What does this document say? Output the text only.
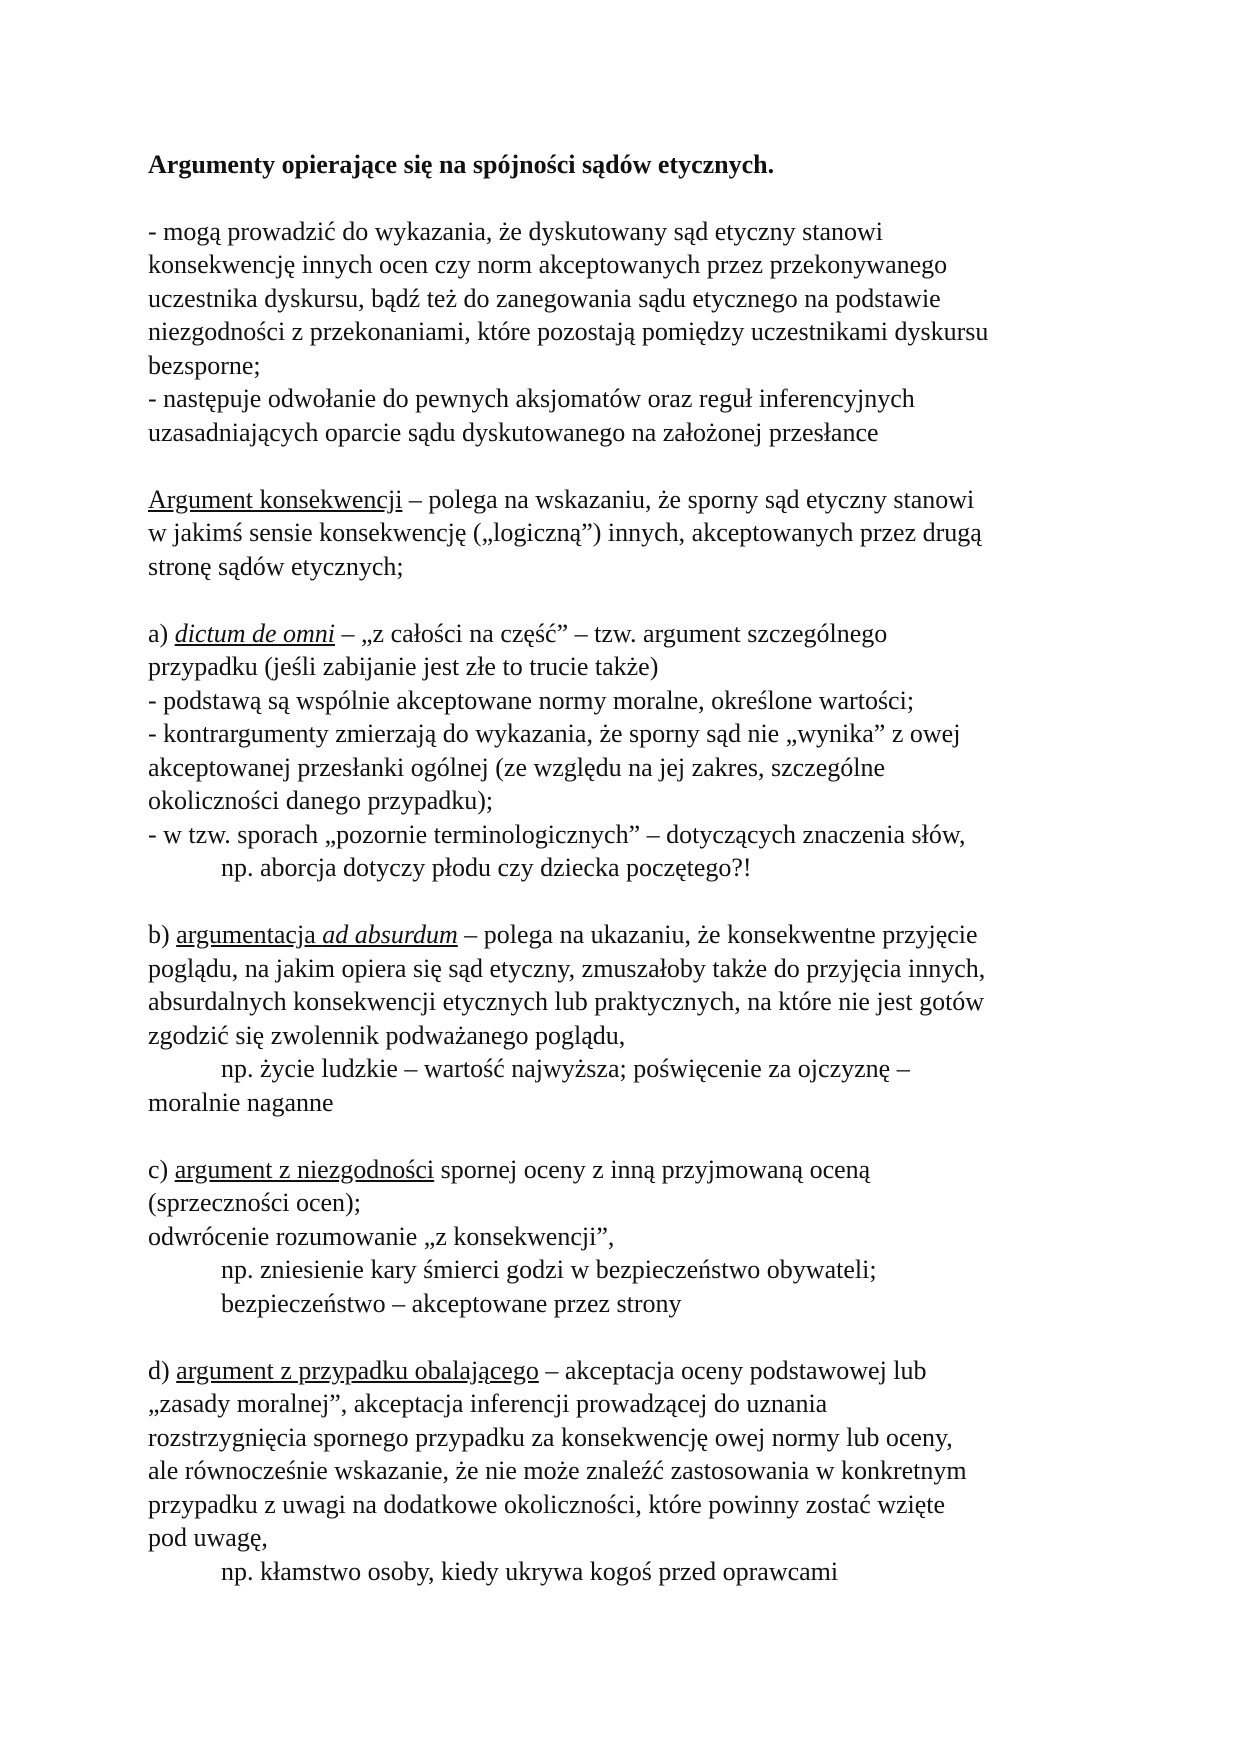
Argumenty opierające się na spójności sądów etycznych.
- mogą prowadzić do wykazania, że dyskutowany sąd etyczny stanowi
konsekwencję innych ocen czy norm akceptowanych przez przekonywanego
uczestnika dyskursu, bądź też do zanegowania sądu etycznego na podstawie
niezgodności z przekonaniami, które pozostają pomiędzy uczestnikami dyskursu
bezsporne;
- następuje odwołanie do pewnych aksjomatów oraz reguł inferencyjnych
uzasadniających oparcie sądu dyskutowanego na założonej przesłance
Argument konsekwencji – polega na wskazaniu, że sporny sąd etyczny stanowi
w jakimś sensie konsekwencję („logiczną”) innych, akceptowanych przez drugą
stronę sądów etycznych;
a) dictum de omni – „z całości na część” – tzw. argument szczególnego
przypadku (jeśli zabijanie jest złe to trucie także)
- podstawą są wspólnie akceptowane normy moralne, określone wartości;
- kontrargumenty zmierzają do wykazania, że sporny sąd nie „wynika” z owej
akceptowanej przesłanki ogólnej (ze względu na jej zakres, szczególne
okoliczności danego przypadku);
- w tzw. sporach „pozornie terminologicznych” – dotyczących znaczenia słów,
np. aborcja dotyczy płodu czy dziecka poczętego?!
b) argumentacja ad absurdum – polega na ukazaniu, że konsekwentne przyjęcie
poglądu, na jakim opiera się sąd etyczny, zmuszałoby także do przyjęcia innych,
absurdalnych konsekwencji etycznych lub praktycznych, na które nie jest gotów
zgodzić się zwolennik podważanego poglądu,
np. życie ludzkie – wartość najwyższa; poświęcenie za ojczyznę –
moralnie naganne
c) argument z niezgodności spornej oceny z inną przyjmowaną oceną
(sprzeczności ocen);
odwrócenie rozumowanie „z konsekwencji”,
np. zniesienie kary śmierci godzi w bezpieczeństwo obywateli;
bezpieczeństwo – akceptowane przez strony
d) argument z przypadku obalającego – akceptacja oceny podstawowej lub
„zasady moralnej”, akceptacja inferencji prowadzącej do uznania
rozstrzygnięcia spornego przypadku za konsekwencję owej normy lub oceny,
ale równocześnie wskazanie, że nie może znaleźć zastosowania w konkretnym
przypadku z uwagi na dodatkowe okoliczności, które powinny zostać wzięte
pod uwagę,
np. kłamstwo osoby, kiedy ukrywa kogoś przed oprawcami
